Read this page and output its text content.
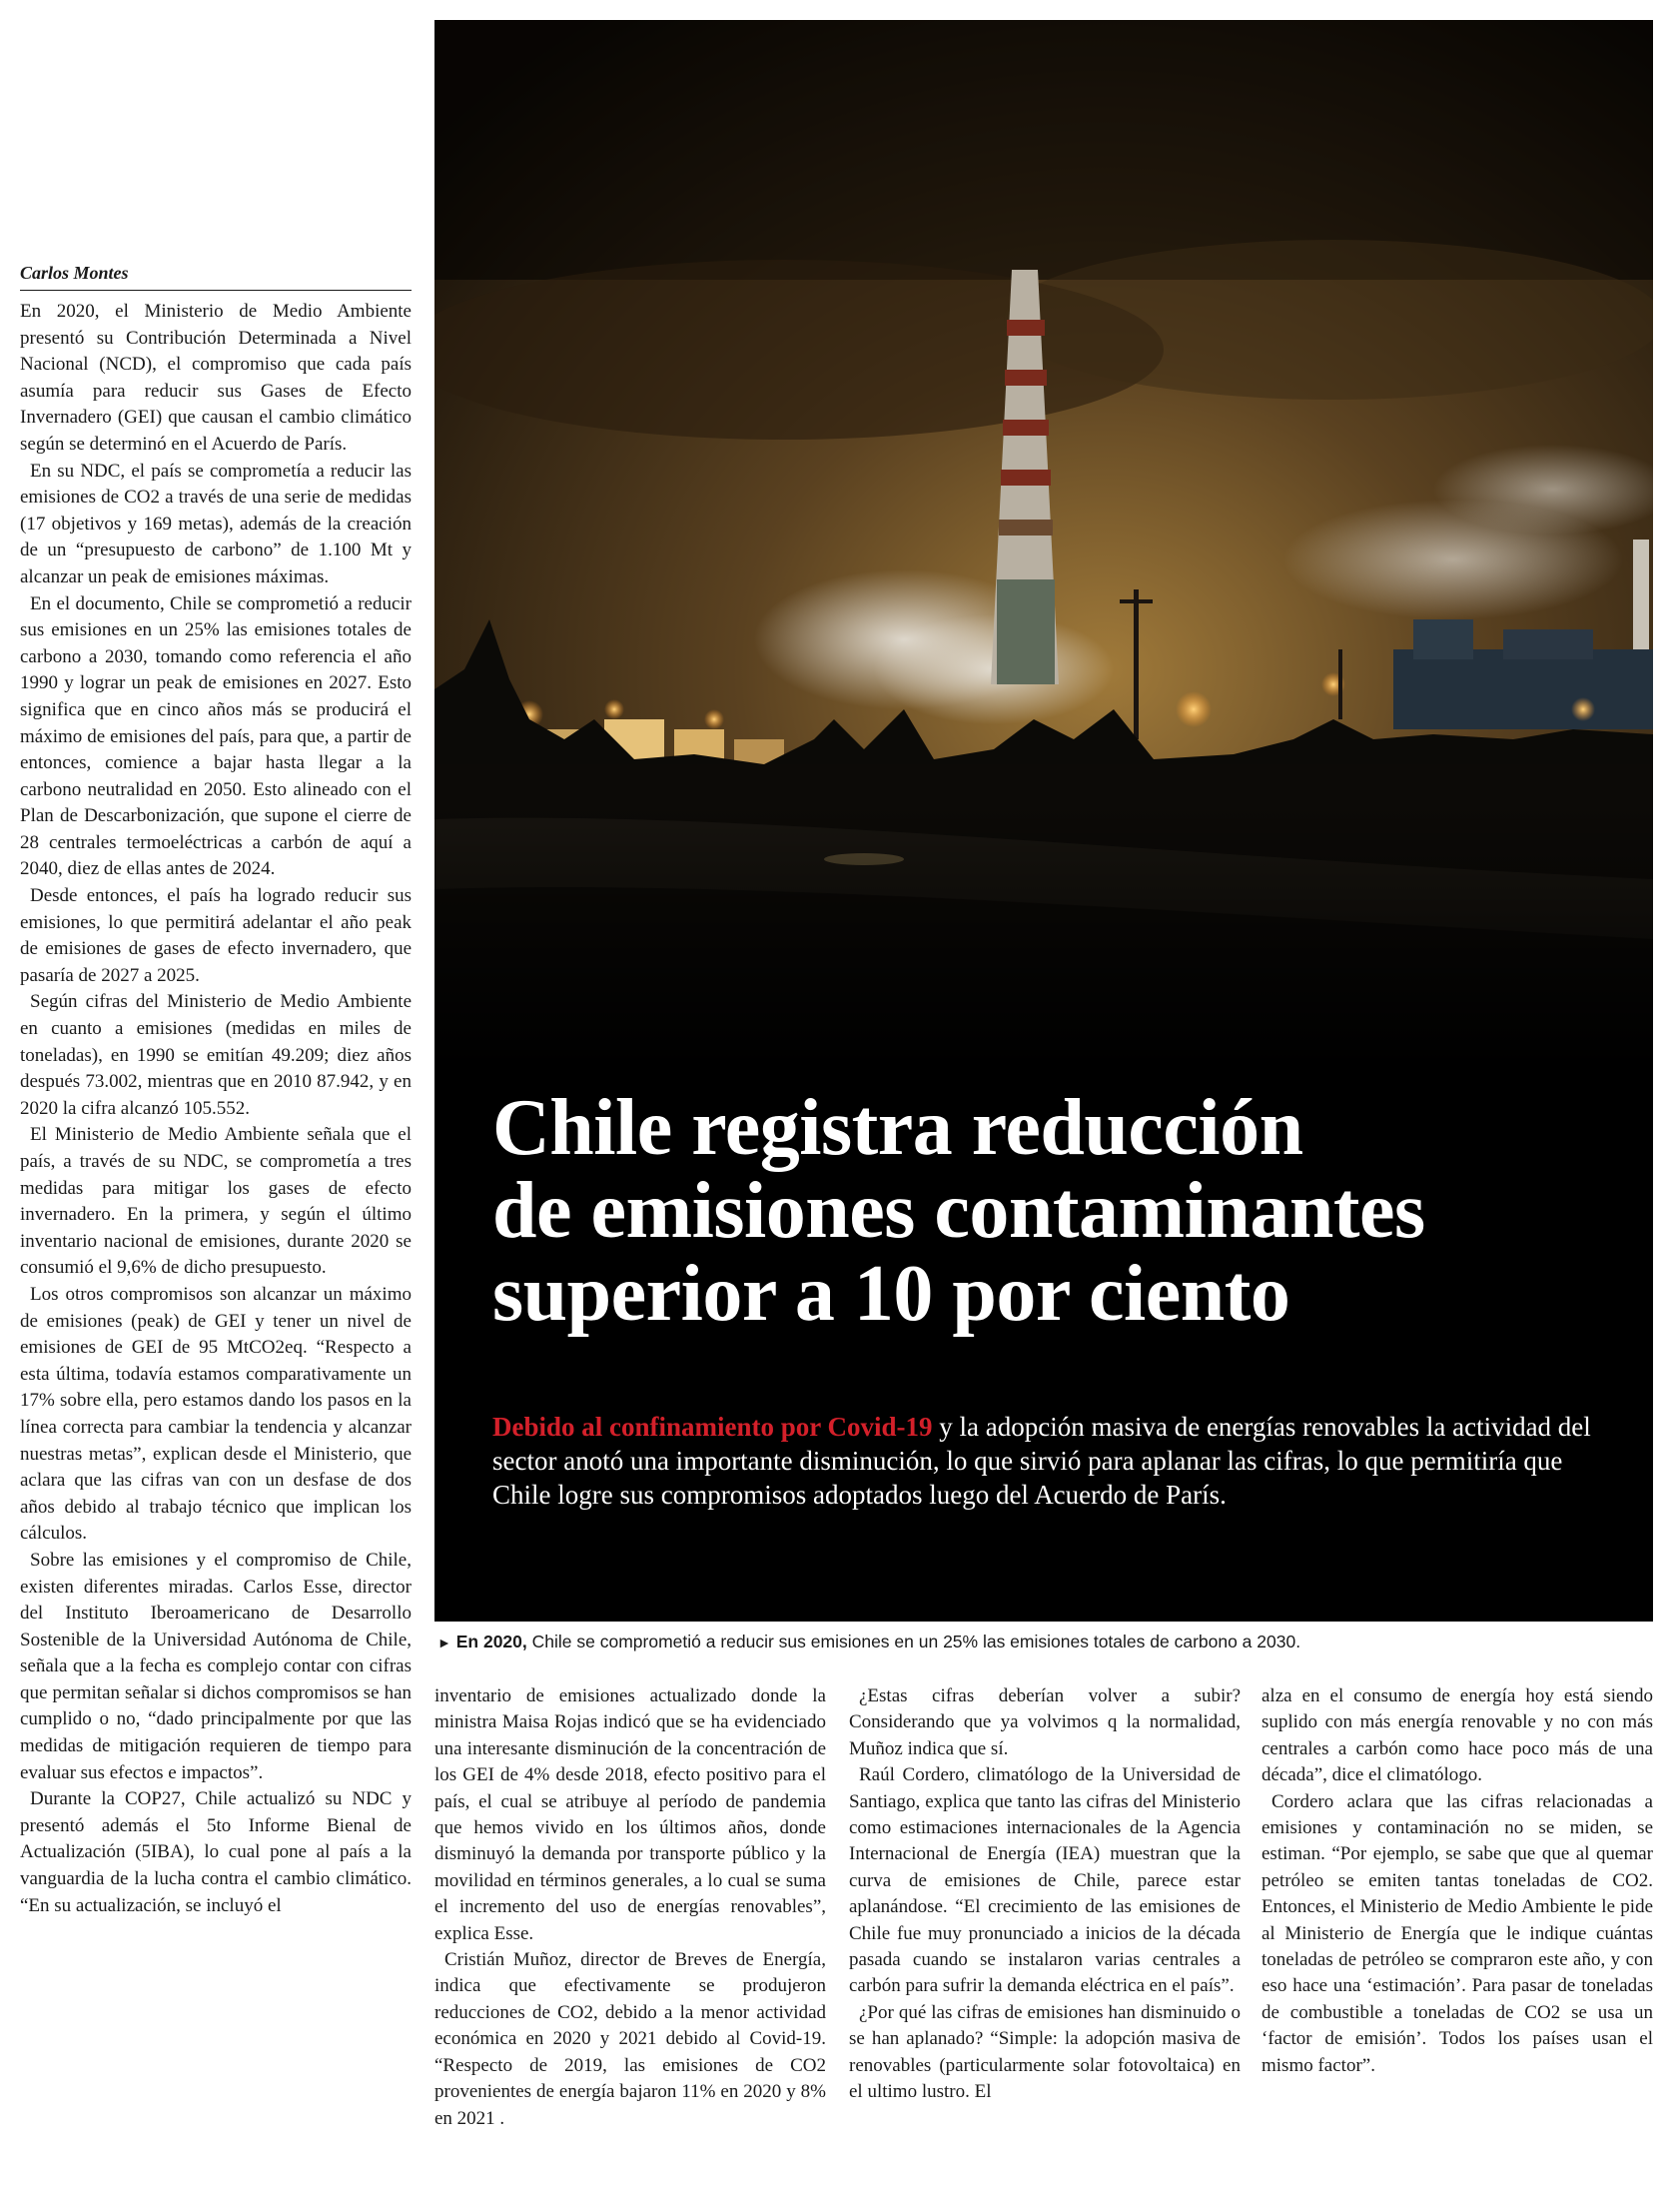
Carlos Montes

En 2020, el Ministerio de Medio Ambiente presentó su Contribución Determinada a Nivel Nacional (NCD), el compromiso que cada país asumía para reducir sus Gases de Efecto Invernadero (GEI) que causan el cambio climático según se determinó en el Acuerdo de París.

En su NDC, el país se comprometía a reducir las emisiones de CO2 a través de una serie de medidas (17 objetivos y 169 metas), además de la creación de un “presupuesto de carbono” de 1.100 Mt y alcanzar un peak de emisiones máximas.

En el documento, Chile se comprometió a reducir sus emisiones en un 25% las emisiones totales de carbono a 2030, tomando como referencia el año 1990 y lograr un peak de emisiones en 2027. Esto significa que en cinco años más se producirá el máximo de emisiones del país, para que, a partir de entonces, comience a bajar hasta llegar a la carbono neutralidad en 2050. Esto alineado con el Plan de Descarbonización, que supone el cierre de 28 centrales termoeléctricas a carbón de aquí a 2040, diez de ellas antes de 2024.

Desde entonces, el país ha logrado reducir sus emisiones, lo que permitirá adelantar el año peak de emisiones de gases de efecto invernadero, que pasaría de 2027 a 2025.

Según cifras del Ministerio de Medio Ambiente en cuanto a emisiones (medidas en miles de toneladas), en 1990 se emitían 49.209; diez años después 73.002, mientras que en 2010 87.942, y en 2020 la cifra alcanzó 105.552.

El Ministerio de Medio Ambiente señala que el país, a través de su NDC, se comprometía a tres medidas para mitigar los gases de efecto invernadero. En la primera, y según el último inventario nacional de emisiones, durante 2020 se consumió el 9,6% de dicho presupuesto.

Los otros compromisos son alcanzar un máximo de emisiones (peak) de GEI y tener un nivel de emisiones de GEI de 95 MtCO2eq. “Respecto a esta última, todavía estamos comparativamente un 17% sobre ella, pero estamos dando los pasos en la línea correcta para cambiar la tendencia y alcanzar nuestras metas”, explican desde el Ministerio, que aclara que las cifras van con un desfase de dos años debido al trabajo técnico que implican los cálculos.

Sobre las emisiones y el compromiso de Chile, existen diferentes miradas. Carlos Esse, director del Instituto Iberoamericano de Desarrollo Sostenible de la Universidad Autónoma de Chile, señala que a la fecha es complejo contar con cifras que permitan señalar si dichos compromisos se han cumplido o no, “dado principalmente por que las medidas de mitigación requieren de tiempo para evaluar sus efectos e impactos”.

Durante la COP27, Chile actualizó su NDC y presentó además el 5to Informe Bienal de Actualización (5IBA), lo cual pone al país a la vanguardia de la lucha contra el cambio climático. “En su actualización, se incluyó el

Chile registra reducción
de emisiones contaminantes
superior a 10 por ciento

Debido al confinamiento por Covid-19 y la adopción masiva de energías renovables la actividad del sector anotó una importante disminución, lo que sirvió para aplanar las cifras, lo que permitiría que Chile logre sus compromisos adoptados luego del Acuerdo de París.

► En 2020, Chile se comprometió a reducir sus emisiones en un 25% las emisiones totales de carbono a 2030.

inventario de emisiones actualizado donde la ministra Maisa Rojas indicó que se ha evidenciado una interesante disminución de la concentración de los GEI de 4% desde 2018, efecto positivo para el país, el cual se atribuye al período de pandemia que hemos vivido en los últimos años, donde disminuyó la demanda por transporte público y la movilidad en términos generales, a lo cual se suma el incremento del uso de energías renovables”, explica Esse.

Cristián Muñoz, director de Breves de Energía, indica que efectivamente se produjeron reducciones de CO2, debido a la menor actividad económica en 2020 y 2021 debido al Covid-19. “Respecto de 2019, las emisiones de CO2 provenientes de energía bajaron 11% en 2020 y 8% en 2021 .

¿Estas cifras deberían volver a subir? Considerando que ya volvimos q la normalidad, Muñoz indica que sí.

Raúl Cordero, climatólogo de la Universidad de Santiago, explica que tanto las cifras del Ministerio como estimaciones internacionales de la Agencia Internacional de Energía (IEA) muestran que la curva de emisiones de Chile, parece estar aplanándose. “El crecimiento de las emisiones de Chile fue muy pronunciado a inicios de la década pasada cuando se instalaron varias centrales a carbón para sufrir la demanda eléctrica en el país”.

¿Por qué las cifras de emisiones han disminuido o se han aplanado? “Simple: la adopción masiva de renovables (particularmente solar fotovoltaica) en el ultimo lustro. El

alza en el consumo de energía hoy está siendo suplido con más energía renovable y no con más centrales a carbón como hace poco más de una década”, dice el climatólogo.

Cordero aclara que las cifras relacionadas a emisiones y contaminación no se miden, se estiman. “Por ejemplo, se sabe que que al quemar petróleo se emiten tantas toneladas de CO2. Entonces, el Ministerio de Medio Ambiente le pide al Ministerio de Energía que le indique cuántas toneladas de petróleo se compraron este año, y con eso hace una ‘estimación’. Para pasar de toneladas de combustible a toneladas de CO2 se usa un ‘factor de emisión’. Todos los países usan el mismo factor”.
